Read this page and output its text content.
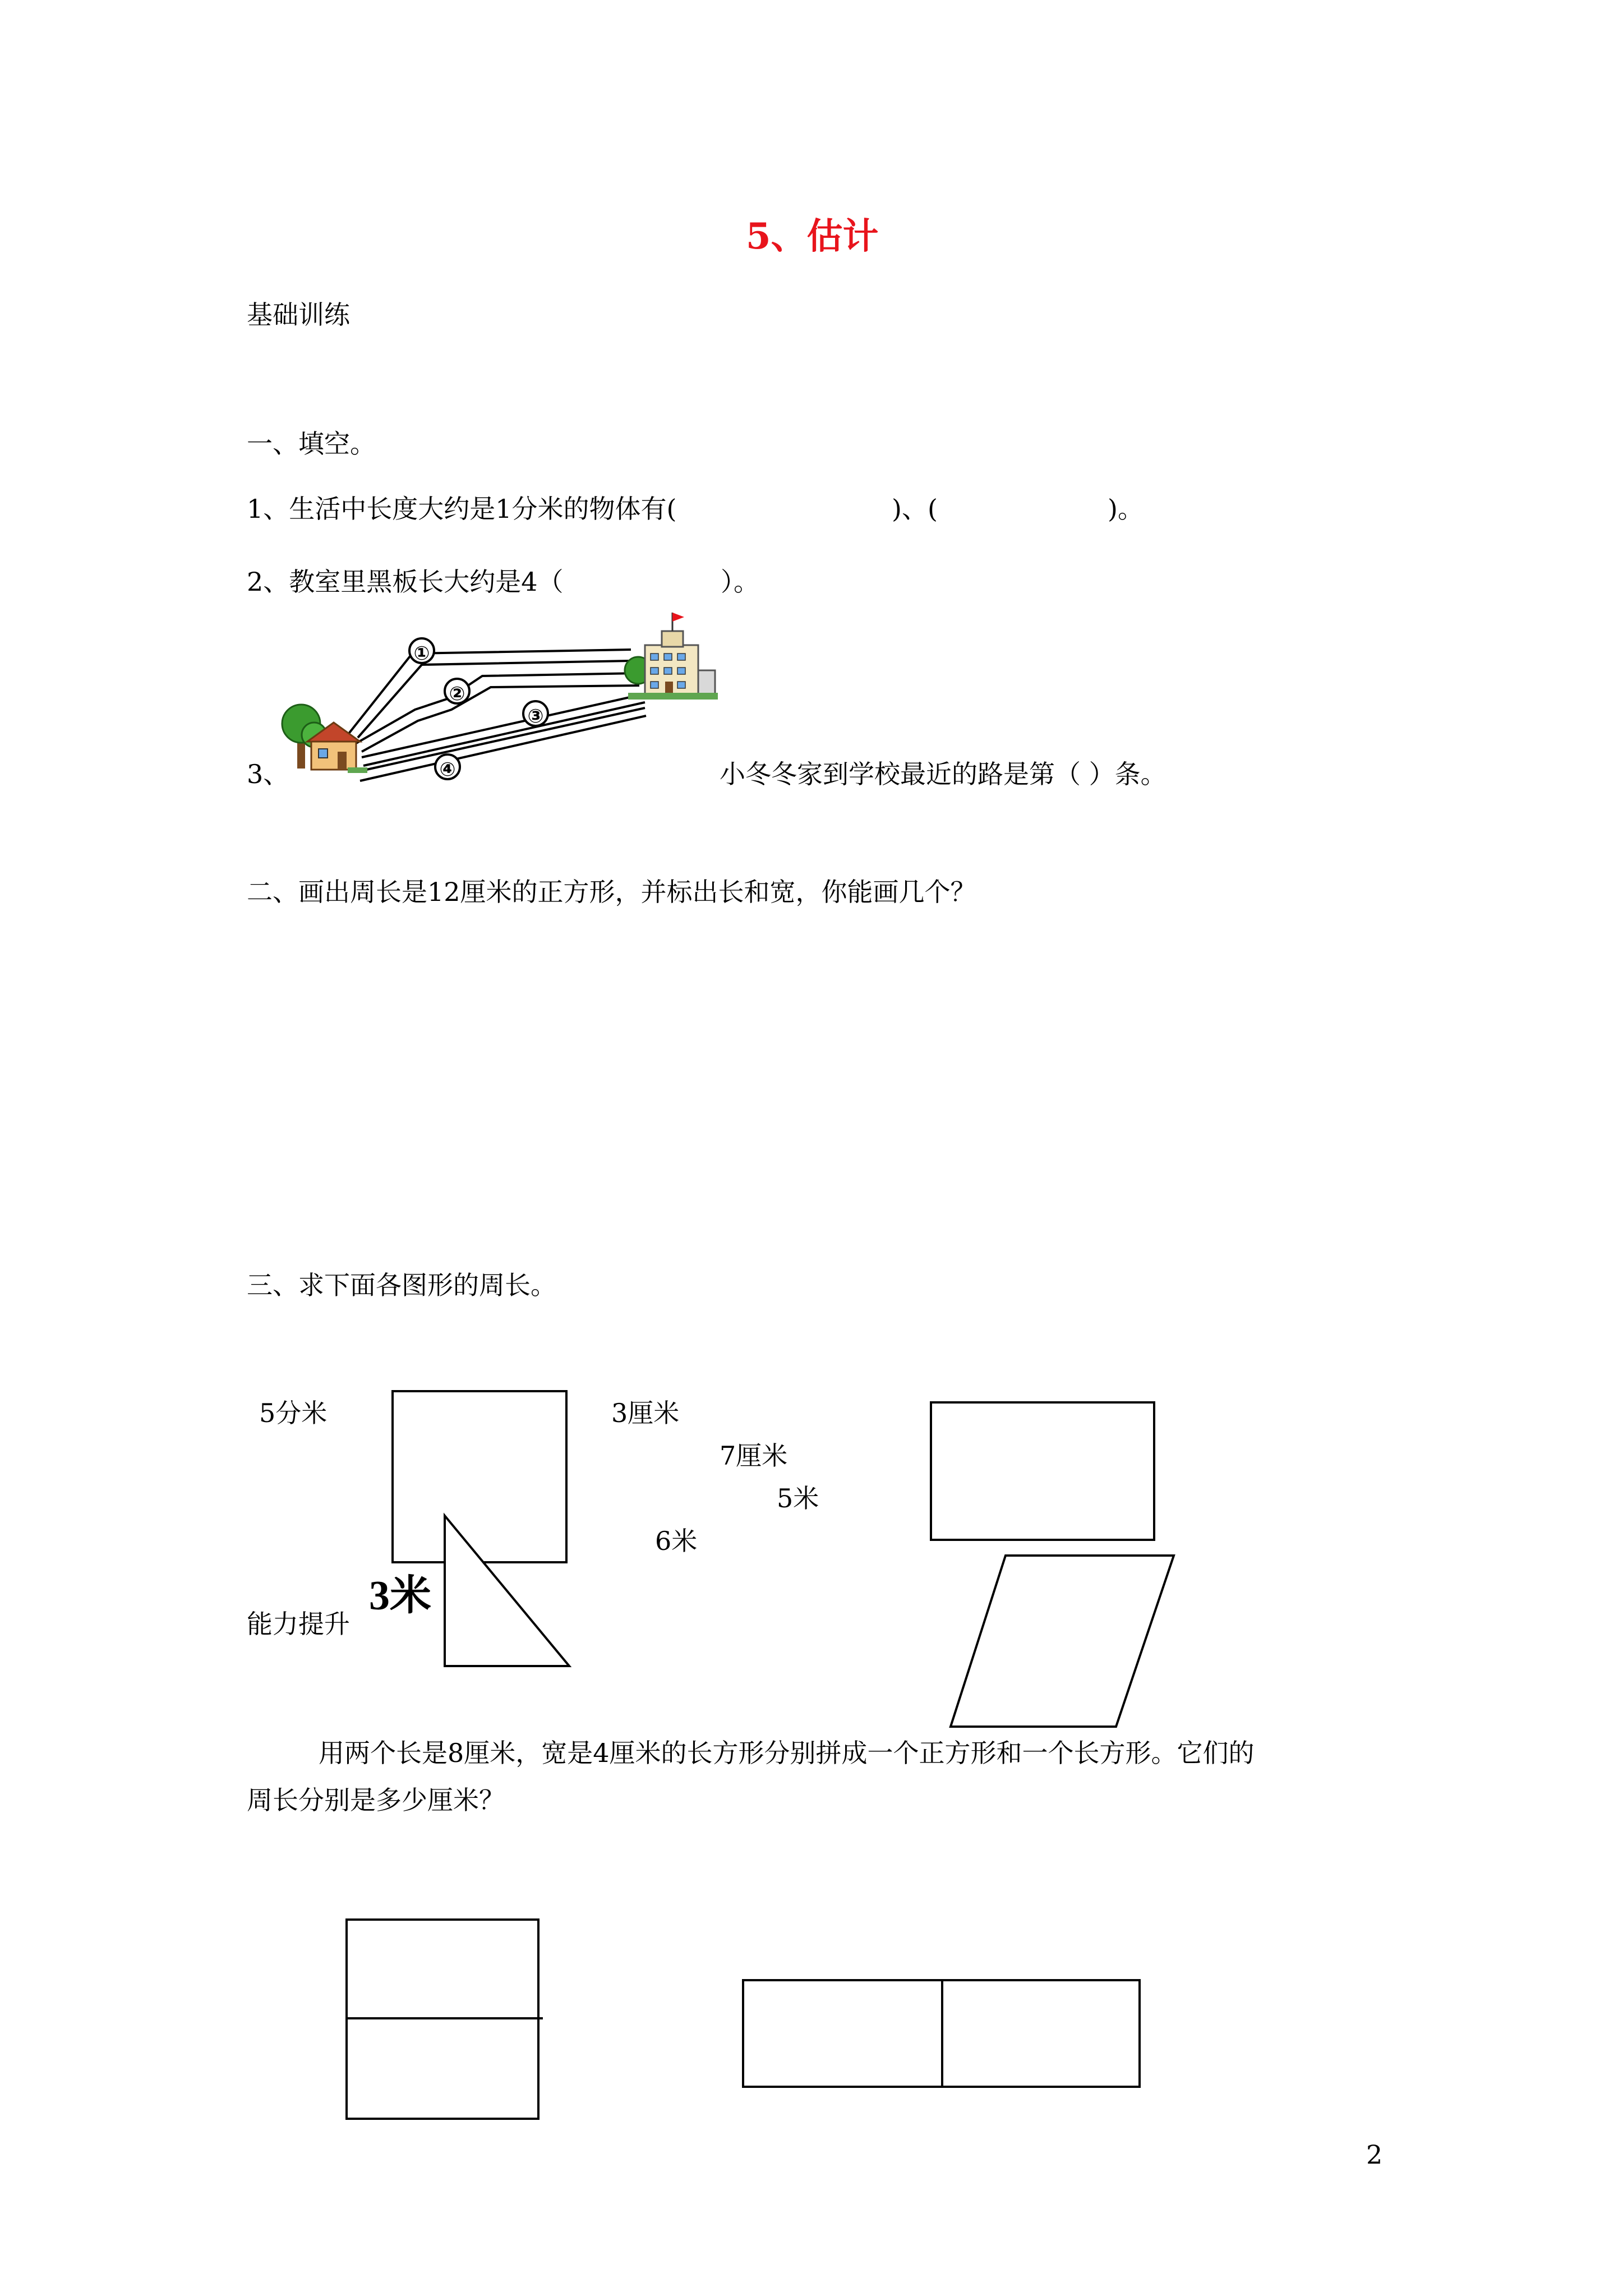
5、估计
基础训练
一、填空。
1、生活中长度大约是1分米的物体有(	)、(	)。
2、教室里黑板长大约是4（	）。
3、	小冬冬家到学校最近的路是第（ ）条。
二、画出周长是12厘米的正方形，并标出长和宽，你能画几个？
三、求下面各图形的周长。
5分米	3厘米
7厘米
5米
6米
能力提升
3米
用两个长是8厘米，宽是4厘米的长方形分别拼成一个正方形和一个长方形。它们的
周长分别是多少厘米？
2
①
②
③
④
